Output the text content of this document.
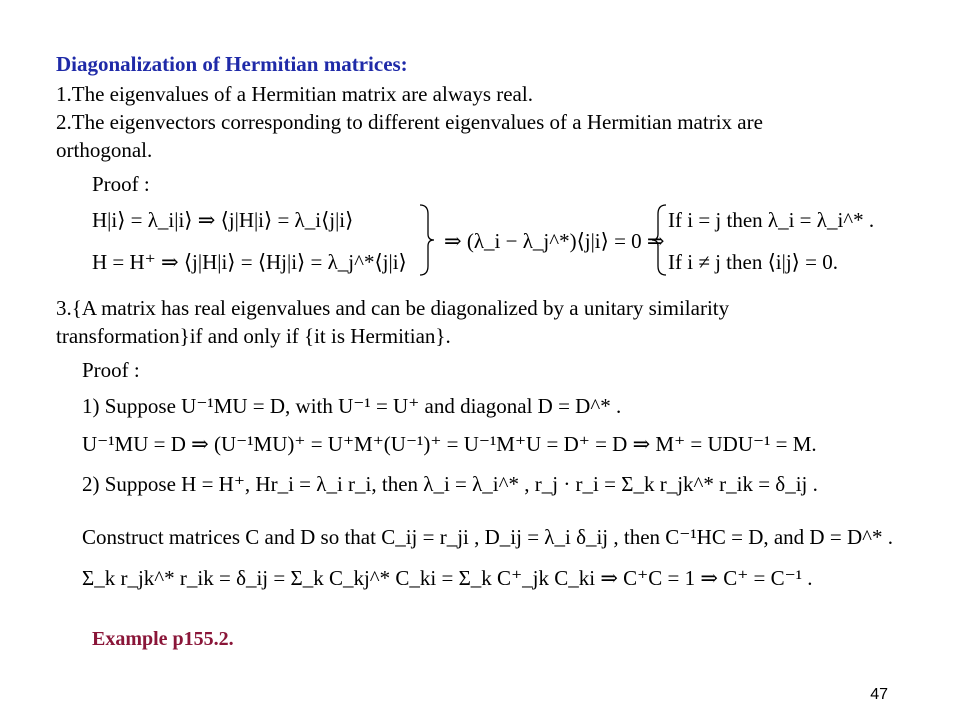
Diagonalization of Hermitian matrices:
1.The eigenvalues of a Hermitian matrix are always real.
2.The eigenvectors corresponding to different eigenvalues of a Hermitian matrix are
orthogonal.
Proof :
H|i⟩ = λ_i|i⟩ ⇒ ⟨j|H|i⟩ = λ_i⟨j|i⟩
H = H⁺ ⇒ ⟨j|H|i⟩ = ⟨Hj|i⟩ = λ_j^*⟨j|i⟩
⇒ (λ_i − λ_j^*)⟨j|i⟩ = 0 ⇒
If i = j then λ_i = λ_i^* .
If i ≠ j then ⟨i|j⟩ = 0.
3.{A matrix has real eigenvalues and can be diagonalized by a unitary similarity
transformation}if and only if {it is Hermitian}.
Proof :
1) Suppose U⁻¹MU = D, with U⁻¹ = U⁺ and diagonal D = D^* .
U⁻¹MU = D ⇒ (U⁻¹MU)⁺ = U⁺M⁺(U⁻¹)⁺ = U⁻¹M⁺U = D⁺ = D ⇒ M⁺ = UDU⁻¹ = M.
2) Suppose H = H⁺, Hr_i = λ_i r_i, then λ_i = λ_i^* , r_j · r_i = Σ_k r_jk^* r_ik = δ_ij .
Construct matrices C and D so that C_ij = r_ji , D_ij = λ_i δ_ij , then C⁻¹HC = D, and D = D^* .
Σ_k r_jk^* r_ik = δ_ij = Σ_k C_kj^* C_ki = Σ_k C⁺_jk C_ki ⇒ C⁺C = 1 ⇒ C⁺ = C⁻¹ .
Example p155.2.
47
